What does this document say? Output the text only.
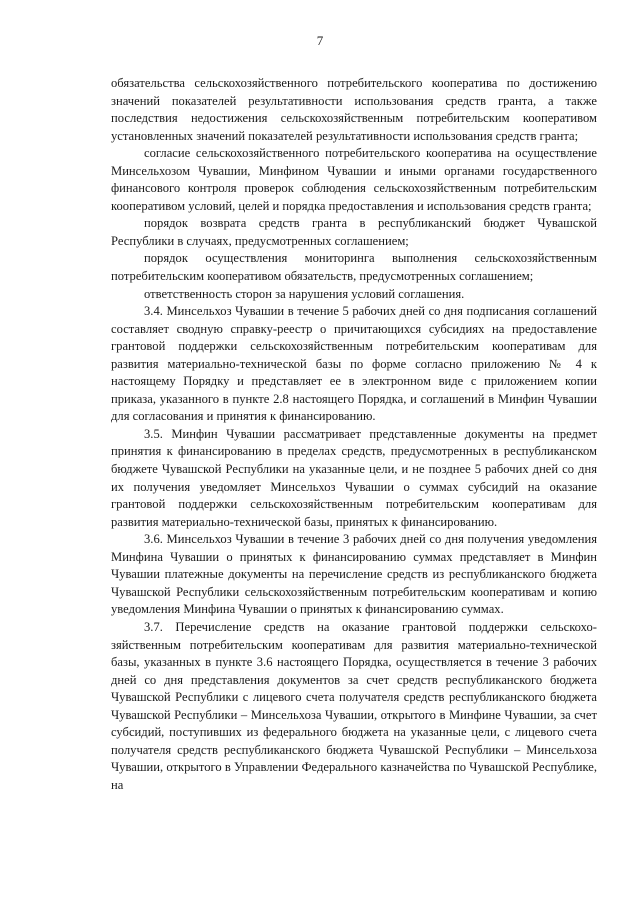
7

обязательства сельскохозяйственного потребительского кооператива по достижению значений показателей результативности использования средств гранта, а также последствия недостижения сельскохозяйственным потребительским кооперативом установленных значений показателей результативности использования средств гранта;

согласие сельскохозяйственного потребительского кооператива на осуществление Минсельхозом Чувашии, Минфином Чувашии и иными органами государственного финансового контроля проверок соблюдения сельскохозяйственным потребительским кооперативом условий, целей и порядка предоставления и использования средств гранта;

порядок возврата средств гранта в республиканский бюджет Чувашской Республики в случаях, предусмотренных соглашением;

порядок осуществления мониторинга выполнения сельскохозяйственным потребительским кооперативом обязательств, предусмотренных соглашением;

ответственность сторон за нарушения условий соглашения.

3.4. Минсельхоз Чувашии в течение 5 рабочих дней со дня подписания соглашений составляет сводную справку-реестр о причитающихся субсидиях на предоставление грантовой поддержки сельскохозяйственным потребительским кооперативам для развития материально-технической базы по форме согласно приложению № 4 к настоящему Порядку и представляет ее в электронном виде с приложением копии приказа, указанного в пункте 2.8 настоящего Порядка, и соглашений в Минфин Чувашии для согласования и принятия к финансированию.

3.5. Минфин Чувашии рассматривает представленные документы на предмет принятия к финансированию в пределах средств, предусмотренных в республиканском бюджете Чувашской Республики на указанные цели, и не позднее 5 рабочих дней со дня их получения уведомляет Минсельхоз Чувашии о суммах субсидий на оказание грантовой поддержки сельскохозяйственным потребительским кооперативам для развития материально-технической базы, принятых к финансированию.

3.6. Минсельхоз Чувашии в течение 3 рабочих дней со дня получения уведомления Минфина Чувашии о принятых к финансированию суммах представляет в Минфин Чувашии платежные документы на перечисление средств из республиканского бюджета Чувашской Республики сельскохозяйственным потребительским кооперативам и копию уведомления Минфина Чувашии о принятых к финансированию суммах.

3.7. Перечисление средств на оказание грантовой поддержки сельскохозяйственным потребительским кооперативам для развития материально-технической базы, указанных в пункте 3.6 настоящего Порядка, осуществляется в течение 3 рабочих дней со дня представления документов за счет средств республиканского бюджета Чувашской Республики с лицевого счета получателя средств республиканского бюджета Чувашской Республики – Минсельхоза Чувашии, открытого в Минфине Чувашии, за счет субсидий, поступивших из федерального бюджета на указанные цели, с лицевого счета получателя средств республиканского бюджета Чувашской Республики – Минсельхоза Чувашии, открытого в Управлении Федерального казначейства по Чувашской Республике, на
